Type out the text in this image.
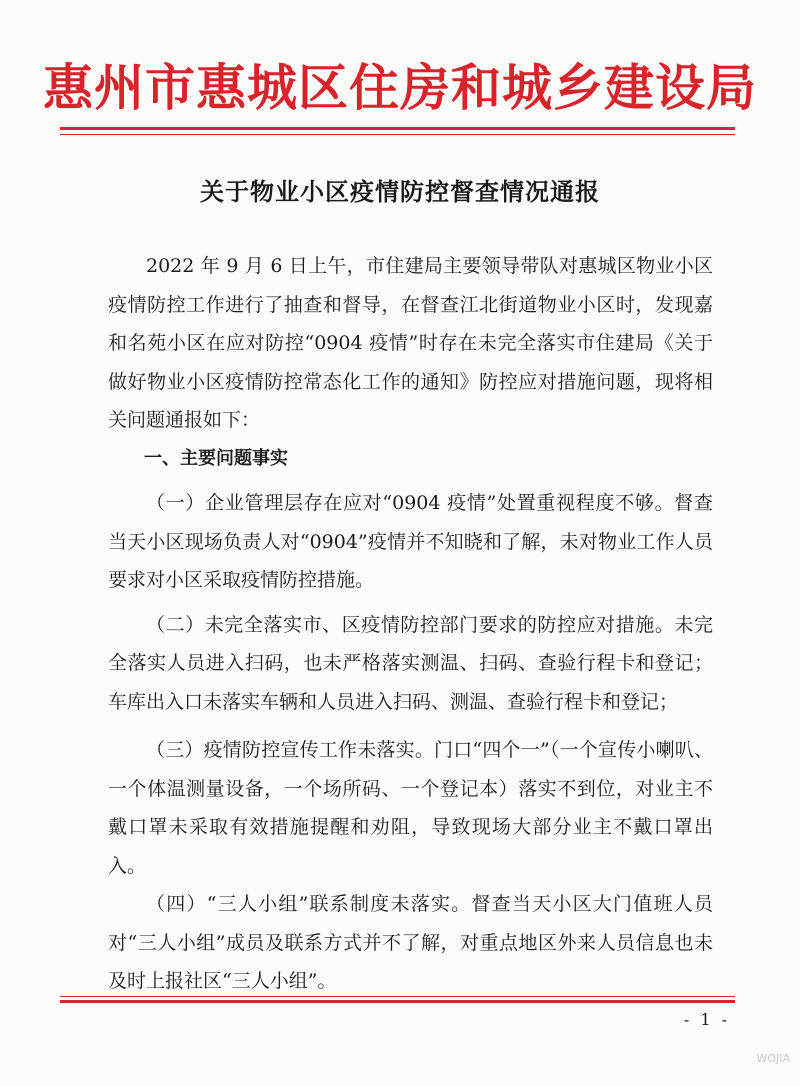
惠州市惠城区住房和城乡建设局
关于物业小区疫情防控督查情况通报

2022 年 9 月 6 日上午，市住建局主要领导带队对惠城区物业小区疫情防控工作进行了抽查和督导，在督查江北街道物业小区时，发现嘉和名苑小区在应对防控“0904 疫情”时存在未完全落实市住建局《关于做好物业小区疫情防控常态化工作的通知》防控应对措施问题，现将相关问题通报如下：

一、主要问题事实

（一）企业管理层存在应对“0904 疫情”处置重视程度不够。督查当天小区现场负责人对“0904”疫情并不知晓和了解，未对物业工作人员要求对小区采取疫情防控措施。

（二）未完全落实市、区疫情防控部门要求的防控应对措施。未完全落实人员进入扫码，也未严格落实测温、扫码、查验行程卡和登记；车库出入口未落实车辆和人员进入扫码、测温、查验行程卡和登记；

（三）疫情防控宣传工作未落实。门口“四个一”（一个宣传小喇叭、一个体温测量设备，一个场所码、一个登记本）落实不到位，对业主不戴口罩未采取有效措施提醒和劝阻，导致现场大部分业主不戴口罩出入。

（四）“三人小组”联系制度未落实。督查当天小区大门值班人员对“三人小组”成员及联系方式并不了解，对重点地区外来人员信息也未及时上报社区“三人小组”。

- 1 -
WOJIA
